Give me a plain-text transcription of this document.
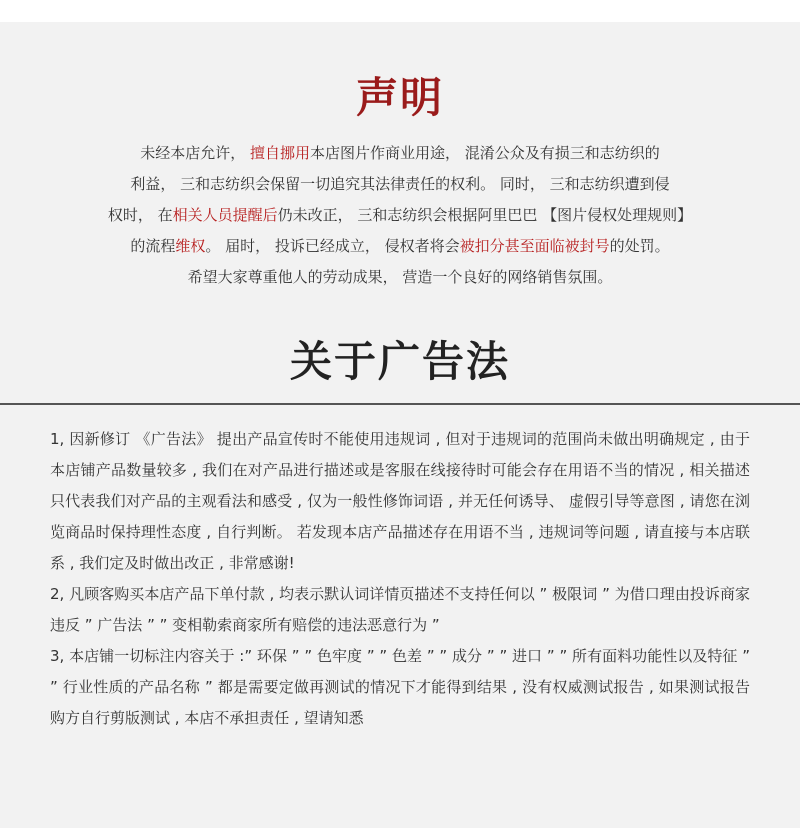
声明
未经本店允许， 擅自挪用本店图片作商业用途， 混淆公众及有损三和志纺织的
利益， 三和志纺织会保留一切追究其法律责任的权利。 同时， 三和志纺织遭到侵
权时， 在相关人员提醒后仍未改正， 三和志纺织会根据阿里巴巴 【图片侵权处理规则】
的流程维权。 届时， 投诉已经成立， 侵权者将会被扣分甚至面临被封号的处罚。
希望大家尊重他人的劳动成果， 营造一个良好的网络销售氛围。
关于广告法

1, 因新修订 《广告法》 提出产品宣传时不能使用违规词 , 但对于违规词的范围尚未做出明确规定 , 由于本店铺产品数量较多 , 我们在对产品进行描述或是客服在线接待时可能会存在用语不当的情况 , 相关描述只代表我们对产品的主观看法和感受 , 仅为一般性修饰词语 , 并无任何诱导、 虚假引导等意图 , 请您在浏览商品时保持理性态度 , 自行判断。 若发现本店产品描述存在用语不当 , 违规词等问题 , 请直接与本店联系 , 我们定及时做出改正 , 非常感谢!

2, 凡顾客购买本店产品下单付款 , 均表示默认词详情页描述不支持任何以 ” 极限词 ” 为借口理由投诉商家违反 ” 广告法 ” ” 变相勒索商家所有赔偿的违法恶意行为 ”

3, 本店铺一切标注内容关于 :” 环保 ” ” 色牢度 ” ” 色差 ” ” 成分 ” ” 进口 ” ” 所有面料功能性以及特征 ” ” 行业性质的产品名称 ” 都是需要定做再测试的情况下才能得到结果 , 没有权威测试报告 , 如果测试报告购方自行剪版测试 , 本店不承担责任 , 望请知悉
